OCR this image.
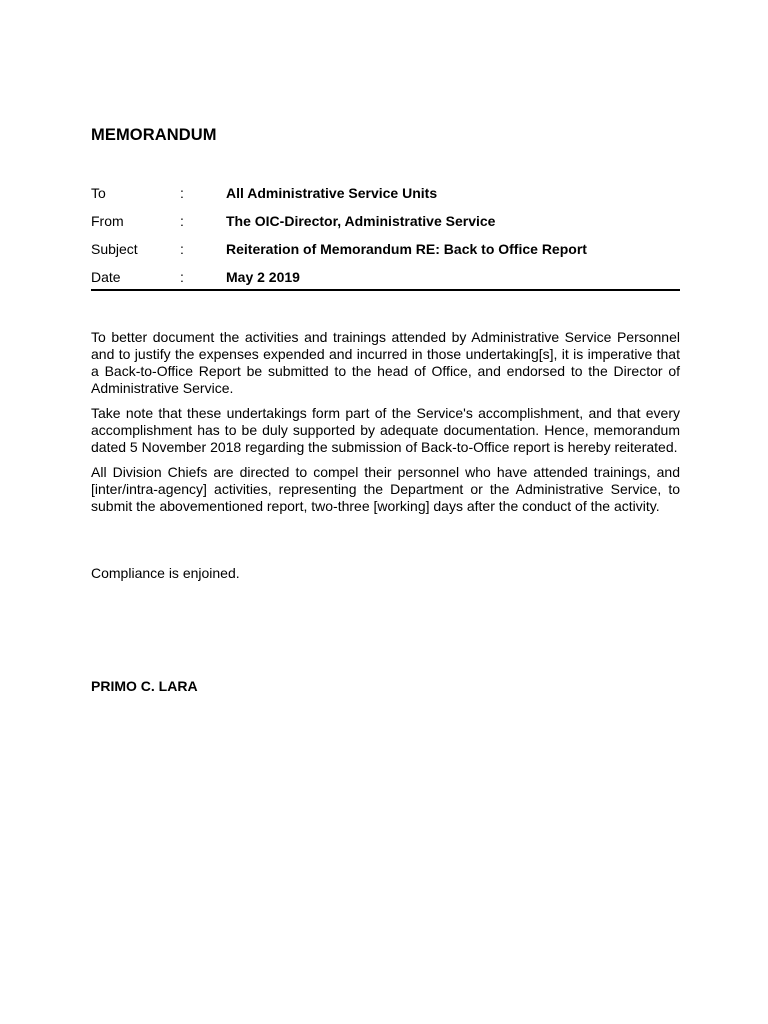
MEMORANDUM
To	:	All Administrative Service Units
From	:	The OIC-Director, Administrative Service
Subject	:	Reiteration of Memorandum RE: Back to Office Report
Date	:	May 2 2019

To better document the activities and trainings attended by Administrative Service Personnel and to justify the expenses expended and incurred in those undertaking[s], it is imperative that a Back-to-Office Report be submitted to the head of Office, and endorsed to the Director of Administrative Service.

Take note that these undertakings form part of the Service's accomplishment, and that every accomplishment has to be duly supported by adequate documentation. Hence, memorandum dated 5 November 2018 regarding the submission of Back-to-Office report is hereby reiterated.

All Division Chiefs are directed to compel their personnel who have attended trainings, and [inter/intra-agency] activities, representing the Department or the Administrative Service, to submit the abovementioned report, two-three [working] days after the conduct of the activity.

Compliance is enjoined.

PRIMO C. LARA
